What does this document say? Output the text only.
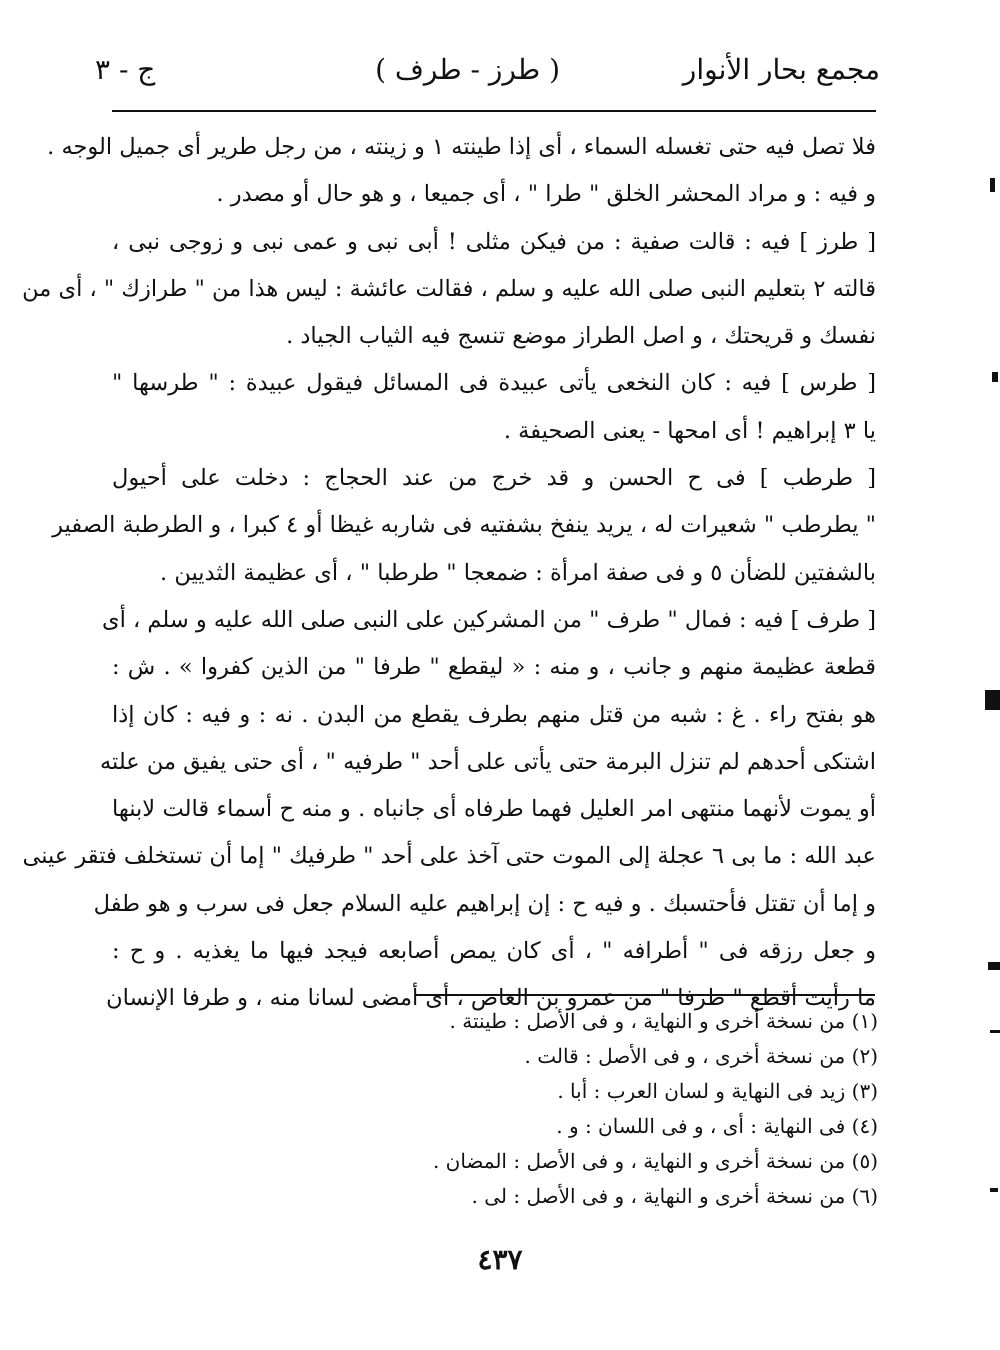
مجمع بحار الأنوار
( طرز - طرف )
ج - ٣
فلا تصل فيه حتى تغسله السماء ، أى إذا طينته ١ و زينته ، من رجل طرير أى جميل الوجه .
و فيه : و مراد المحشر الخلق " طرا " ، أى جميعا ، و هو حال أو مصدر .
[ طرز ] فيه : قالت صفية : من فيكن مثلى ! أبى نبى و عمى نبى و زوجى نبى ،
قالته ٢ بتعليم النبى صلى الله عليه و سلم ، فقالت عائشة : ليس هذا من " طرازك " ، أى من
نفسك و قريحتك ، و اصل الطراز موضع تنسج فيه الثياب الجياد .
[ طرس ] فيه : كان النخعى يأتى عبيدة فى المسائل فيقول عبيدة : " طرسها "
يا ٣ إبراهيم ! أى امحها - يعنى الصحيفة .
[ طرطب ] فى ح الحسن و قد خرج من عند الحجاج : دخلت على أحيول
" يطرطب " شعيرات له ، يريد ينفخ بشفتيه فى شاربه غيظا أو ٤ كبرا ، و الطرطبة الصفير
بالشفتين للضأن ٥ و فى صفة امرأة : ضمعجا " طرطبا " ، أى عظيمة الثديين .
[ طرف ] فيه : فمال " طرف " من المشركين على النبى صلى الله عليه و سلم ، أى
قطعة عظيمة منهم و جانب ، و منه : « ليقطع " طرفا " من الذين كفروا » . ش :
هو بفتح راء . غ : شبه من قتل منهم بطرف يقطع من البدن . نه : و فيه : كان إذا
اشتكى أحدهم لم تنزل البرمة حتى يأتى على أحد " طرفيه " ، أى حتى يفيق من علته
أو يموت لأنهما منتهى امر العليل فهما طرفاه أى جانباه . و منه ح أسماء قالت لابنها
عبد الله : ما بى ٦ عجلة إلى الموت حتى آخذ على أحد " طرفيك " إما أن تستخلف فتقر عينى
و إما أن تقتل فأحتسبك . و فيه ح : إن إبراهيم عليه السلام جعل فى سرب و هو طفل
و جعل رزقه فى " أطرافه " ، أى كان يمص أصابعه فيجد فيها ما يغذيه . و ح :
ما رأيت أقطع " طرفا " من عمرو بن العاص ، أى أمضى لسانا منه ، و طرفا الإنسان
(١) من نسخة أخرى و النهاية ، و فى الأصل : طينتة .
(٢) من نسخة أخرى ، و فى الأصل : قالت .
(٣) زيد فى النهاية و لسان العرب : أبا .
(٤) فى النهاية : أى ، و فى اللسان : و .
(٥) من نسخة أخرى و النهاية ، و فى الأصل : المضان .
(٦) من نسخة أخرى و النهاية ، و فى الأصل : لى .
٤٣٧
